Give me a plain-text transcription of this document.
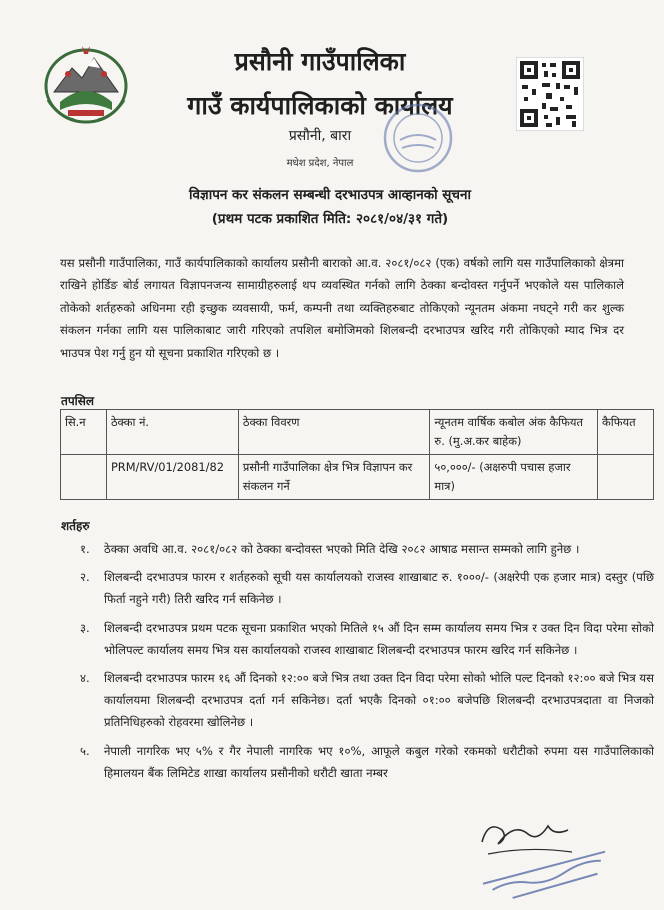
प्रसौनी गाउँपालिका
गाउँ कार्यपालिकाको कार्यालय
प्रसौनी, बारा
मधेश प्रदेश, नेपाल
विज्ञापन कर संकलन सम्बन्धी दरभाउपत्र आव्हानको सूचना
(प्रथम पटक प्रकाशित मिति: २०८१/०४/३१ गते)
यस प्रसौनी गाउँपालिका, गाउँ कार्यपालिकाको कार्यालय प्रसौनी बाराको आ.व. २०८१/०८२ (एक) वर्षको लागि यस गाउँपालिकाको क्षेत्रमा राखिने होर्डिङ बोर्ड लगायत विज्ञापनजन्य सामाग्रीहरुलाई थप व्यवस्थित गर्नको लागि ठेक्का बन्दोवस्त गर्नुपर्ने भएकोले यस पालिकाले तोकेको शर्तहरुको अधिनमा रही इच्छुक व्यवसायी, फर्म, कम्पनी तथा व्यक्तिहरुबाट तोकिएको न्यूनतम अंकमा नघट्ने गरी कर शुल्क संकलन गर्नका लागि यस पालिकाबाट जारी गरिएको तपशिल बमोजिमको शिलबन्दी दरभाउपत्र खरिद गरी तोकिएको म्याद भित्र दर भाउपत्र पेश गर्नु हुन यो सूचना प्रकाशित गरिएको छ ।
तपसिल
सि.न	ठेक्का नं.	ठेक्का विवरण	न्यूनतम वार्षिक कबोल अंक कैफियत रु. (मु.अ.कर बाहेक)	कैफियत
	PRM/RV/01/2081/82	प्रसौनी गाउँपालिका क्षेत्र भित्र विज्ञापन कर संकलन गर्ने	५०,०००/- (अक्षरुपी पचास हजार मात्र)	
शर्तहरु
१. ठेक्का अवधि आ.व. २०८१/०८२ को ठेक्का बन्दोवस्त भएको मिति देखि २०८२ आषाढ मसान्त सम्मको लागि हुनेछ ।
२. शिलबन्दी दरभाउपत्र फारम र शर्तहरुको सूची यस कार्यालयको राजस्व शाखाबाट रु. १०००/- (अक्षरेपी एक हजार मात्र) दस्तुर (पछि फिर्ता नहुने गरी) तिरी खरिद गर्न सकिनेछ ।
३. शिलबन्दी दरभाउपत्र प्रथम पटक सूचना प्रकाशित भएको मितिले १५ औं दिन सम्म कार्यालय समय भित्र र उक्त दिन विदा परेमा सोको भोलिपल्ट कार्यालय समय भित्र यस कार्यालयको राजस्व शाखाबाट शिलबन्दी दरभाउपत्र फारम खरिद गर्न सकिनेछ ।
४. शिलबन्दी दरभाउपत्र फारम १६ औं दिनको १२:०० बजे भित्र तथा उक्त दिन विदा परेमा सोको भोलि पल्ट दिनको १२:०० बजे भित्र यस कार्यालयमा शिलबन्दी दरभाउपत्र दर्ता गर्न सकिनेछ। दर्ता भएकै दिनको ०१:०० बजेपछि शिलबन्दी दरभाउपत्रदाता वा निजको प्रतिनिधिहरुको रोहवरमा खोलिनेछ ।
५. नेपाली नागरिक भए ५% र गैर नेपाली नागरिक भए १०%, आफूले कबुल गरेको रकमको धरौटीको रुपमा यस गाउँपालिकाको हिमालयन बैंक लिमिटेड शाखा कार्यालय प्रसौनीको धरौटी खाता नम्बर
